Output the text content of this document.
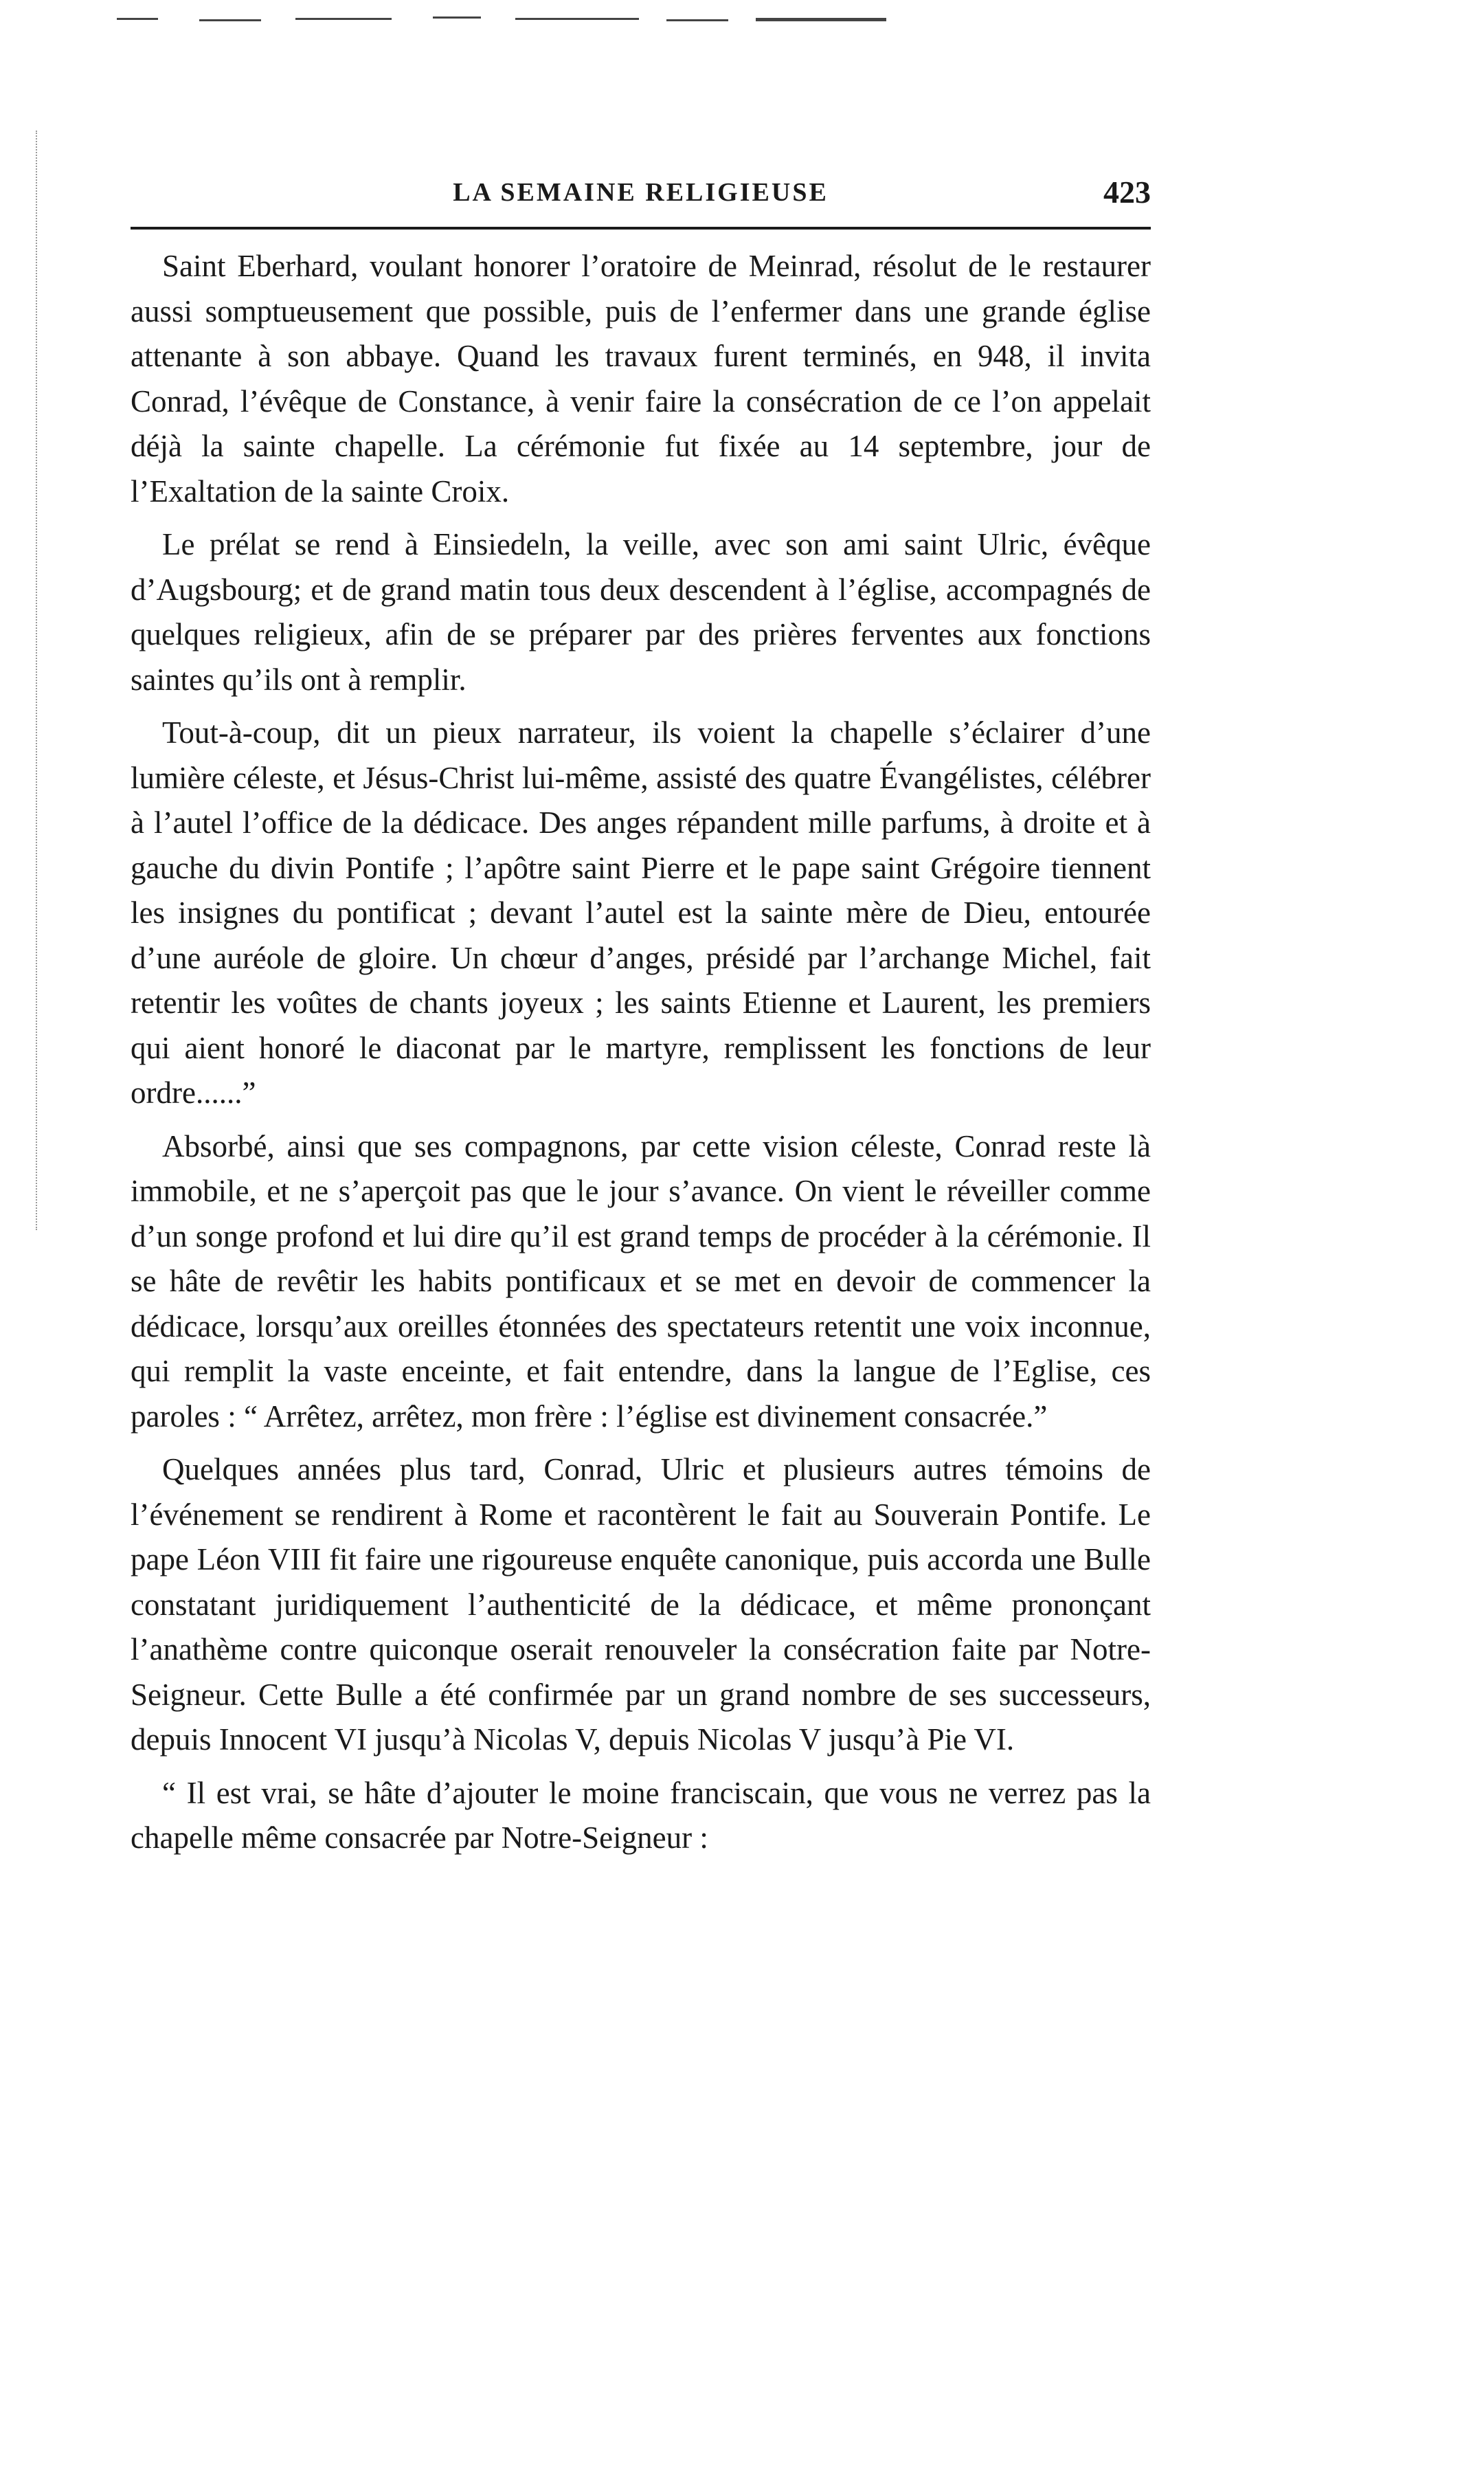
LA SEMAINE RELIGIEUSE	423

Saint Eberhard, voulant honorer l’oratoire de Meinrad, résolut de le restaurer aussi somptueusement que possible, puis de l’enfermer dans une grande église attenante à son abbaye. Quand les travaux furent terminés, en 948, il invita Conrad, l’évêque de Constance, à venir faire la consécration de ce l’on appelait déjà la sainte chapelle. La cérémonie fut fixée au 14 septembre, jour de l’Exaltation de la sainte Croix.

Le prélat se rend à Einsiedeln, la veille, avec son ami saint Ulric, évêque d’Augsbourg; et de grand matin tous deux descendent à l’église, accompagnés de quelques religieux, afin de se préparer par des prières ferventes aux fonctions saintes qu’ils ont à remplir.

Tout-à-coup, dit un pieux narrateur, ils voient la chapelle s’éclairer d’une lumière céleste, et Jésus-Christ lui-même, assisté des quatre Évangélistes, célébrer à l’autel l’office de la dédicace. Des anges répandent mille parfums, à droite et à gauche du divin Pontife ; l’apôtre saint Pierre et le pape saint Grégoire tiennent les insignes du pontificat ; devant l’autel est la sainte mère de Dieu, entourée d’une auréole de gloire. Un chœur d’anges, présidé par l’archange Michel, fait retentir les voûtes de chants joyeux ; les saints Etienne et Laurent, les premiers qui aient honoré le diaconat par le martyre, remplissent les fonctions de leur ordre......”

Absorbé, ainsi que ses compagnons, par cette vision céleste, Conrad reste là immobile, et ne s’aperçoit pas que le jour s’avance. On vient le réveiller comme d’un songe profond et lui dire qu’il est grand temps de procéder à la cérémonie. Il se hâte de revêtir les habits pontificaux et se met en devoir de commencer la dédicace, lorsqu’aux oreilles étonnées des spectateurs retentit une voix inconnue, qui remplit la vaste enceinte, et fait entendre, dans la langue de l’Eglise, ces paroles : “ Arrêtez, arrêtez, mon frère : l’église est divinement consacrée.”

Quelques années plus tard, Conrad, Ulric et plusieurs autres témoins de l’événement se rendirent à Rome et racontèrent le fait au Souverain Pontife. Le pape Léon VIII fit faire une rigoureuse enquête canonique, puis accorda une Bulle constatant juridiquement l’authenticité de la dédicace, et même prononçant l’anathème contre quiconque oserait renouveler la consécration faite par Notre-Seigneur. Cette Bulle a été confirmée par un grand nombre de ses successeurs, depuis Innocent VI jusqu’à Nicolas V, depuis Nicolas V jusqu’à Pie VI.

“ Il est vrai, se hâte d’ajouter le moine franciscain, que vous ne verrez pas la chapelle même consacrée par Notre-Seigneur :
